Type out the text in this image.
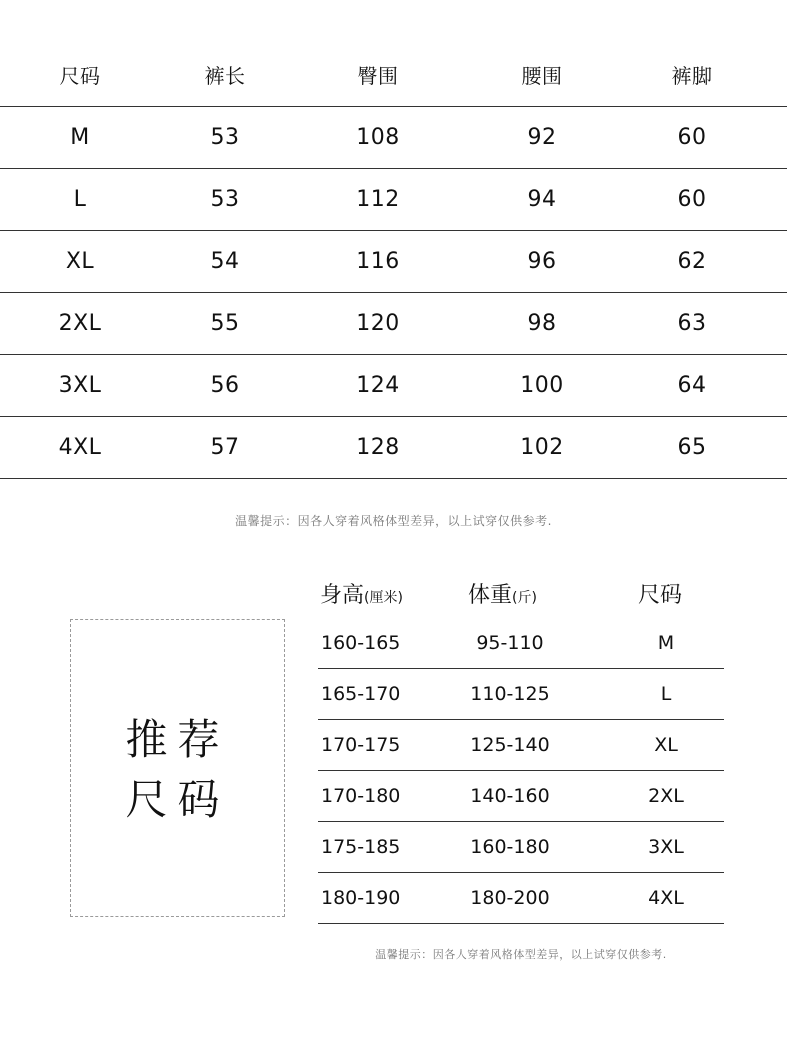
尺码	裤长	臀围	腰围	裤脚
M	53	108	92	60
L	53	112	94	60
XL	54	116	96	62
2XL	55	120	98	63
3XL	56	124	100	64
4XL	57	128	102	65
温馨提示：因各人穿着风格体型差异，以上试穿仅供参考.
推荐
尺码
身高(厘米)	体重(斤)	尺码
160-165	95-110	M
165-170	110-125	L
170-175	125-140	XL
170-180	140-160	2XL
175-185	160-180	3XL
180-190	180-200	4XL
温馨提示：因各人穿着风格体型差异，以上试穿仅供参考.
